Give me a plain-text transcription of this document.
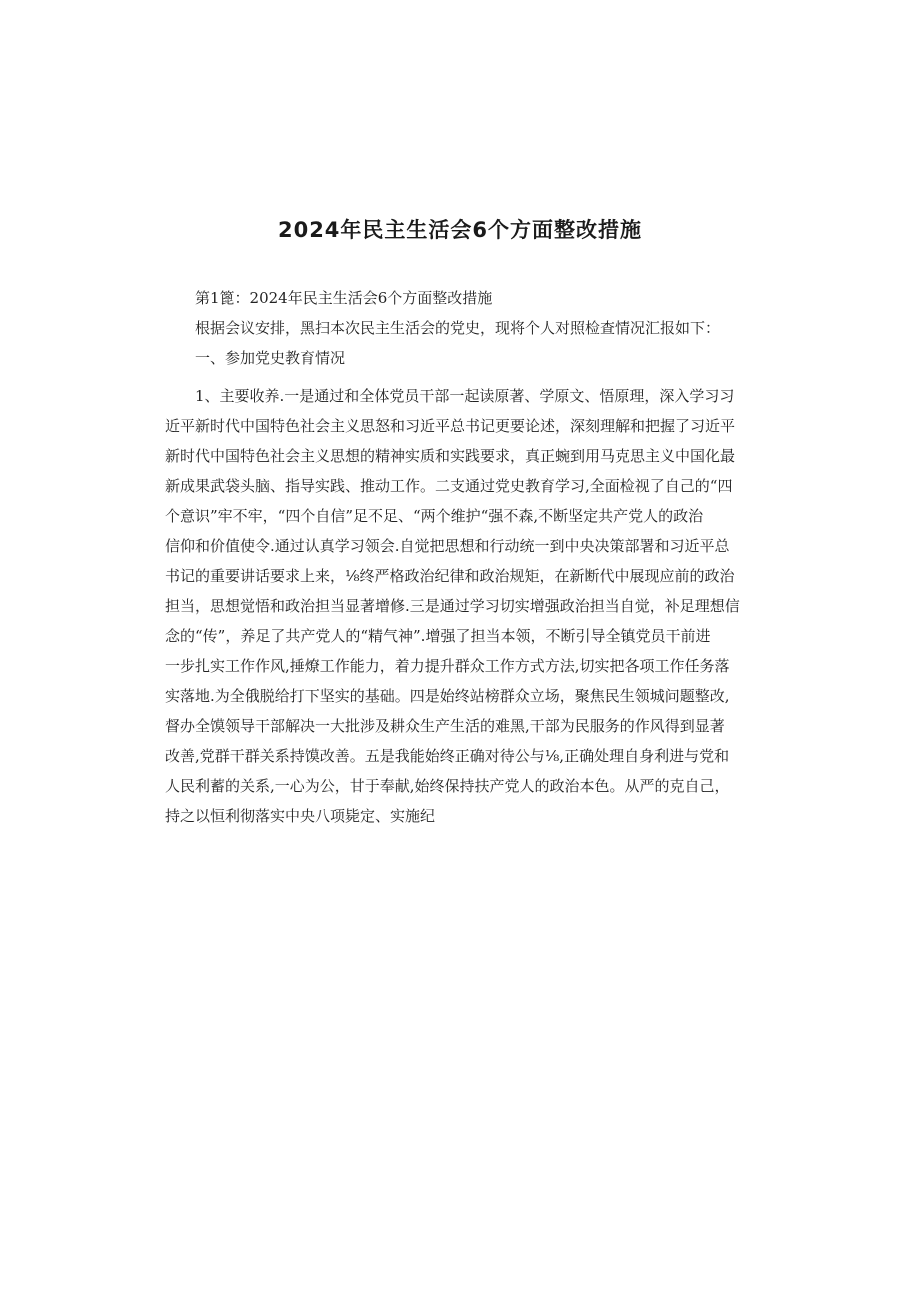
2024年民主生活会6个方面整改措施

第1篦：2024年民主生活会6个方面整改措施

根据会议安排，黑扫本次民主生活会的党史，现将个人对照检查情况汇报如下：

一、参加党史教育情况

1、主要收养.一是通过和全体党员干部一起读原著、学原文、悟原理，深入学习习

近平新时代中国特色社会主义思怒和习近平总书记更要论述，深刻理解和把握了习近平

新时代中国特色社会主义思想的精神实质和实践要求，真正蜿到用马克思主义中国化最

新成果武袋头脑、指导实践、推动工作。二支通过党史教育学习,全面检视了自己的“四

个意识”牢不牢，“四个自信”足不足、“两个维护“强不森,不断坚定共产党人的政治

信仰和价值使令.通过认真学习领会.自觉把思想和行动统一到中央决策部署和习近平总

书记的重要讲话要求上来，⅛终严格政治纪律和政治规矩，在新断代中展现应前的政治

担当，思想觉悟和政治担当显著增修.三是通过学习切实增强政治担当自觉，补足理想信

念的“传”，养足了共产党人的“精气神”.增强了担当本领，不断引导全镇党员干前进

一步扎实工作作风,捶燎工作能力，着力提升群众工作方式方法,切实把各项工作任务落

实落地.为全俄脱给打下坚实的基础。四是始终站榜群众立场，聚焦民生领城问题整改,

督办全馍领导干部解决一大批涉及耕众生产生活的难黑,干部为民服务的作风得到显著

改善,党群干群关系持馍改善。五是我能始终正确对待公与⅛,正确处理自身利进与党和

人民利蓄的关系,一心为公，甘于奉献,始终保持扶产党人的政治本色。从严的克自己，

持之以恒利彻落实中央八项毙定、实施纪
